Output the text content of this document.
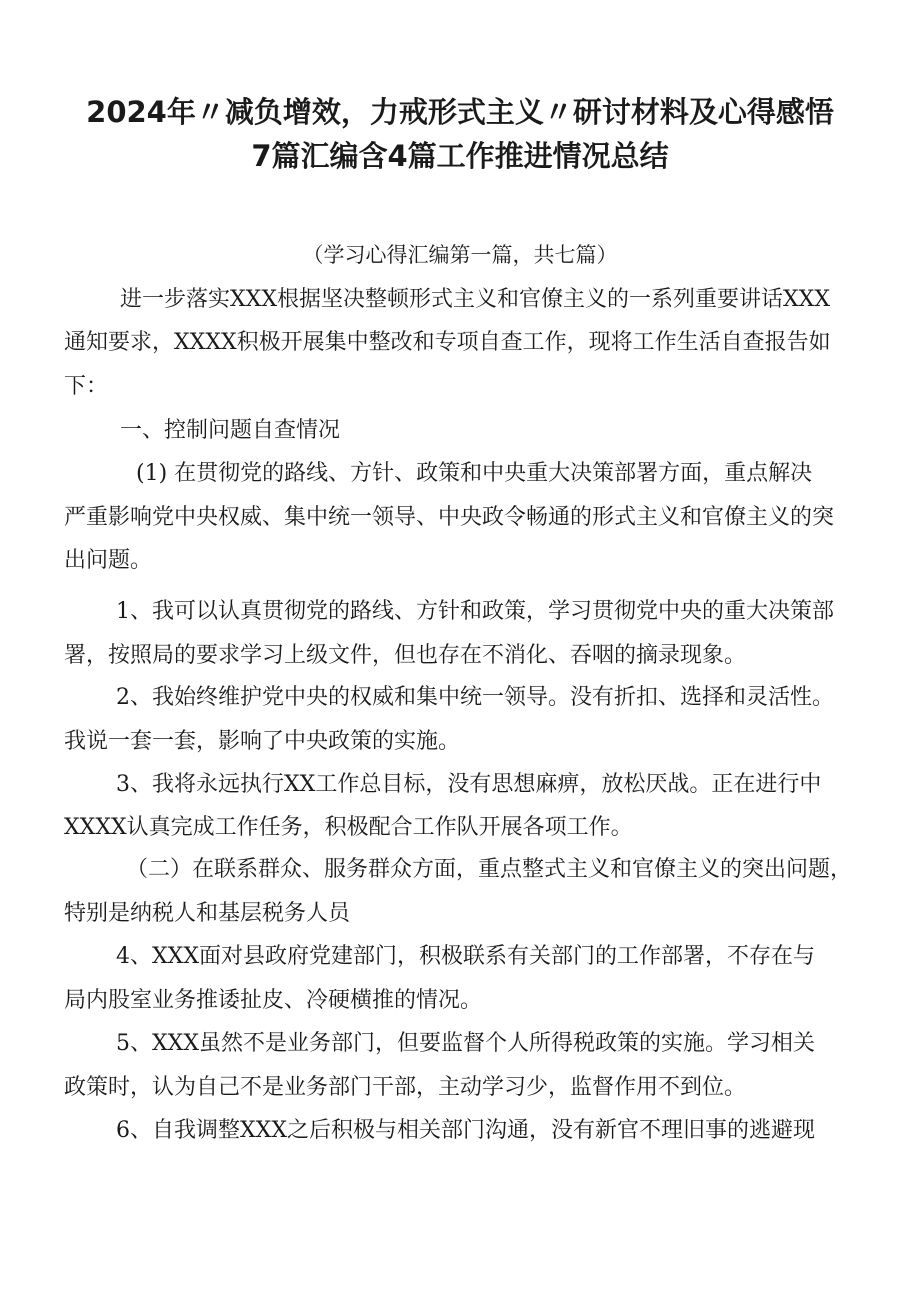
2024年〃减负增效，力戒形式主义〃研讨材料及心得感悟
7篇汇编含4篇工作推进情况总结
（学习心得汇编第一篇，共七篇）
进一步落实XXX根据坚决整顿形式主义和官僚主义的一系列重要讲话XXX
通知要求，XXXX积极开展集中整改和专项自查工作，现将工作生活自查报告如
下：
一、控制问题自查情况
(1) 在贯彻党的路线、方针、政策和中央重大决策部署方面，重点解决
严重影响党中央权威、集中统一领导、中央政令畅通的形式主义和官僚主义的突
出问题。
1、我可以认真贯彻党的路线、方针和政策，学习贯彻党中央的重大决策部
署，按照局的要求学习上级文件，但也存在不消化、吞咽的摘录现象。
2、我始终维护党中央的权威和集中统一领导。没有折扣、选择和灵活性。
我说一套一套，影响了中央政策的实施。
3、我将永远执行XX工作总目标，没有思想麻痹，放松厌战。正在进行中
XXXX认真完成工作任务，积极配合工作队开展各项工作。
（二）在联系群众、服务群众方面，重点整式主义和官僚主义的突出问题，
特别是纳税人和基层税务人员
4、XXX面对县政府党建部门，积极联系有关部门的工作部署，不存在与
局内股室业务推诿扯皮、冷硬横推的情况。
5、XXX虽然不是业务部门，但要监督个人所得税政策的实施。学习相关
政策时，认为自己不是业务部门干部，主动学习少，监督作用不到位。
6、自我调整XXX之后积极与相关部门沟通，没有新官不理旧事的逃避现
